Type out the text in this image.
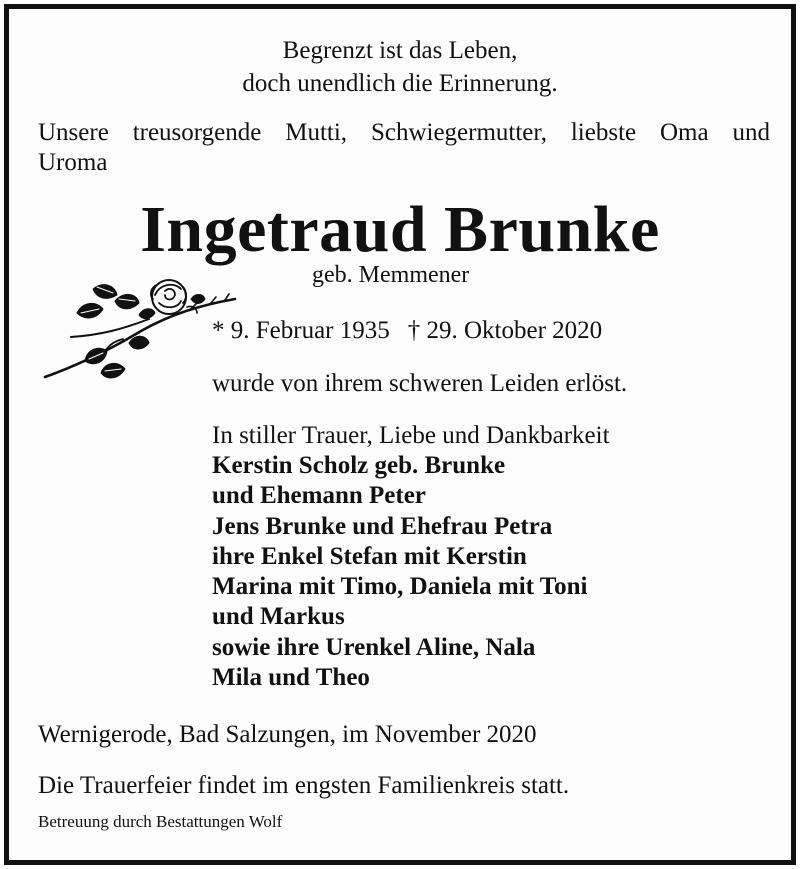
Begrenzt ist das Leben,
doch unendlich die Erinnerung.
Unsere treusorgende Mutti, Schwiegermutter, liebste Oma und
Uroma
Ingetraud Brunke
geb. Memmener
* 9. Februar 1935 † 29. Oktober 2020
wurde von ihrem schweren Leiden erlöst.
In stiller Trauer, Liebe und Dankbarkeit
Kerstin Scholz geb. Brunke
und Ehemann Peter
Jens Brunke und Ehefrau Petra
ihre Enkel Stefan mit Kerstin
Marina mit Timo, Daniela mit Toni
und Markus
sowie ihre Urenkel Aline, Nala
Mila und Theo
Wernigerode, Bad Salzungen, im November 2020
Die Trauerfeier findet im engsten Familienkreis statt.
Betreuung durch Bestattungen Wolf
